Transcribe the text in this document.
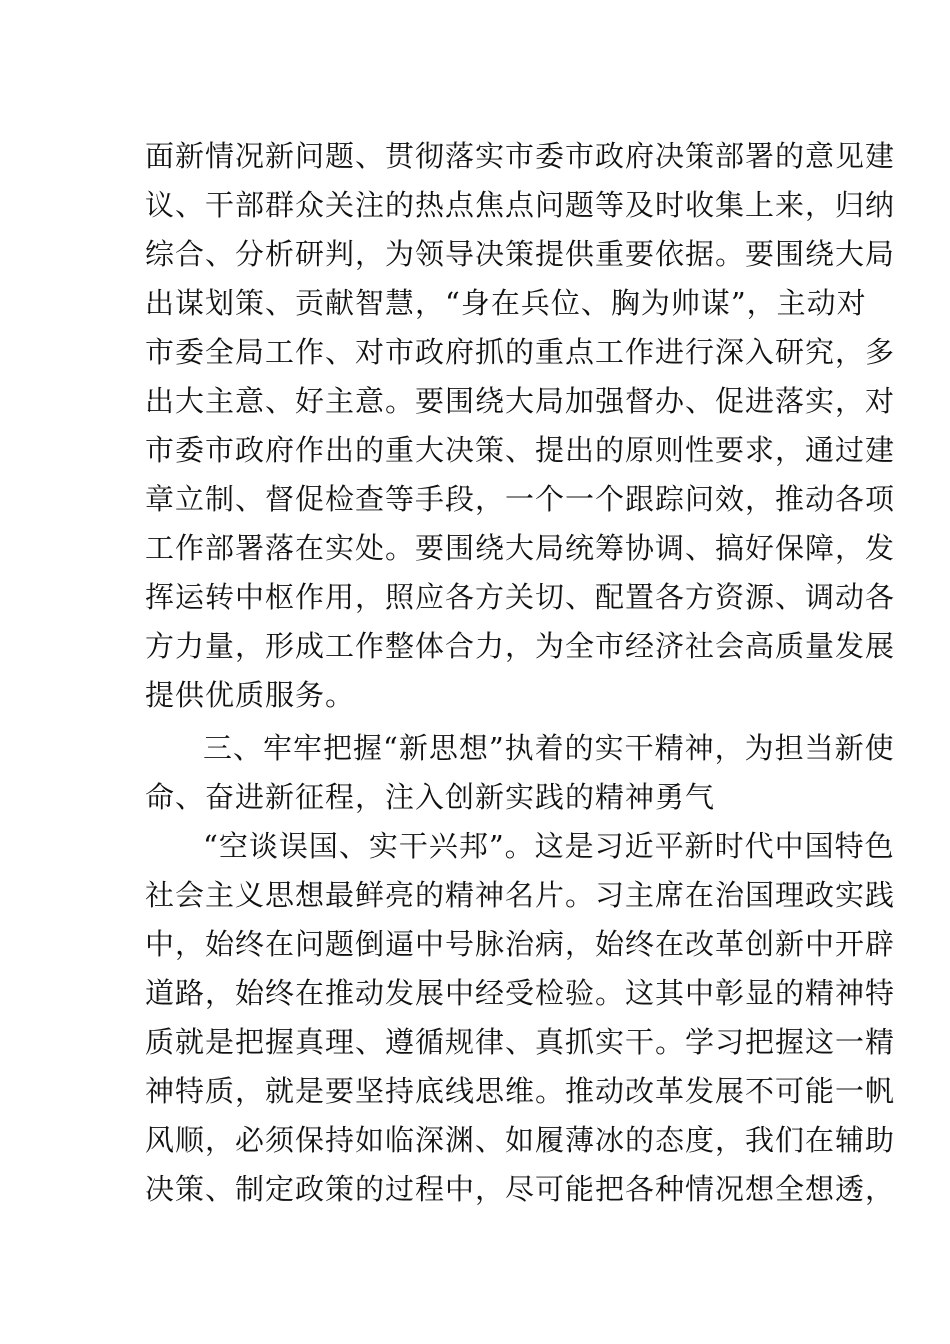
面新情况新问题、贯彻落实市委市政府决策部署的意见建
议、干部群众关注的热点焦点问题等及时收集上来，归纳
综合、分析研判，为领导决策提供重要依据。要围绕大局
出谋划策、贡献智慧，“身在兵位、胸为帅谋”，主动对
市委全局工作、对市政府抓的重点工作进行深入研究，多
出大主意、好主意。要围绕大局加强督办、促进落实，对
市委市政府作出的重大决策、提出的原则性要求，通过建
章立制、督促检查等手段，一个一个跟踪问效，推动各项
工作部署落在实处。要围绕大局统筹协调、搞好保障，发
挥运转中枢作用，照应各方关切、配置各方资源、调动各
方力量，形成工作整体合力，为全市经济社会高质量发展
提供优质服务。
三、牢牢把握“新思想”执着的实干精神，为担当新使
命、奋进新征程，注入创新实践的精神勇气
“空谈误国、实干兴邦”。这是习近平新时代中国特色
社会主义思想最鲜亮的精神名片。习主席在治国理政实践
中，始终在问题倒逼中号脉治病，始终在改革创新中开辟
道路，始终在推动发展中经受检验。这其中彰显的精神特
质就是把握真理、遵循规律、真抓实干。学习把握这一精
神特质，就是要坚持底线思维。推动改革发展不可能一帆
风顺，必须保持如临深渊、如履薄冰的态度，我们在辅助
决策、制定政策的过程中，尽可能把各种情况想全想透，
